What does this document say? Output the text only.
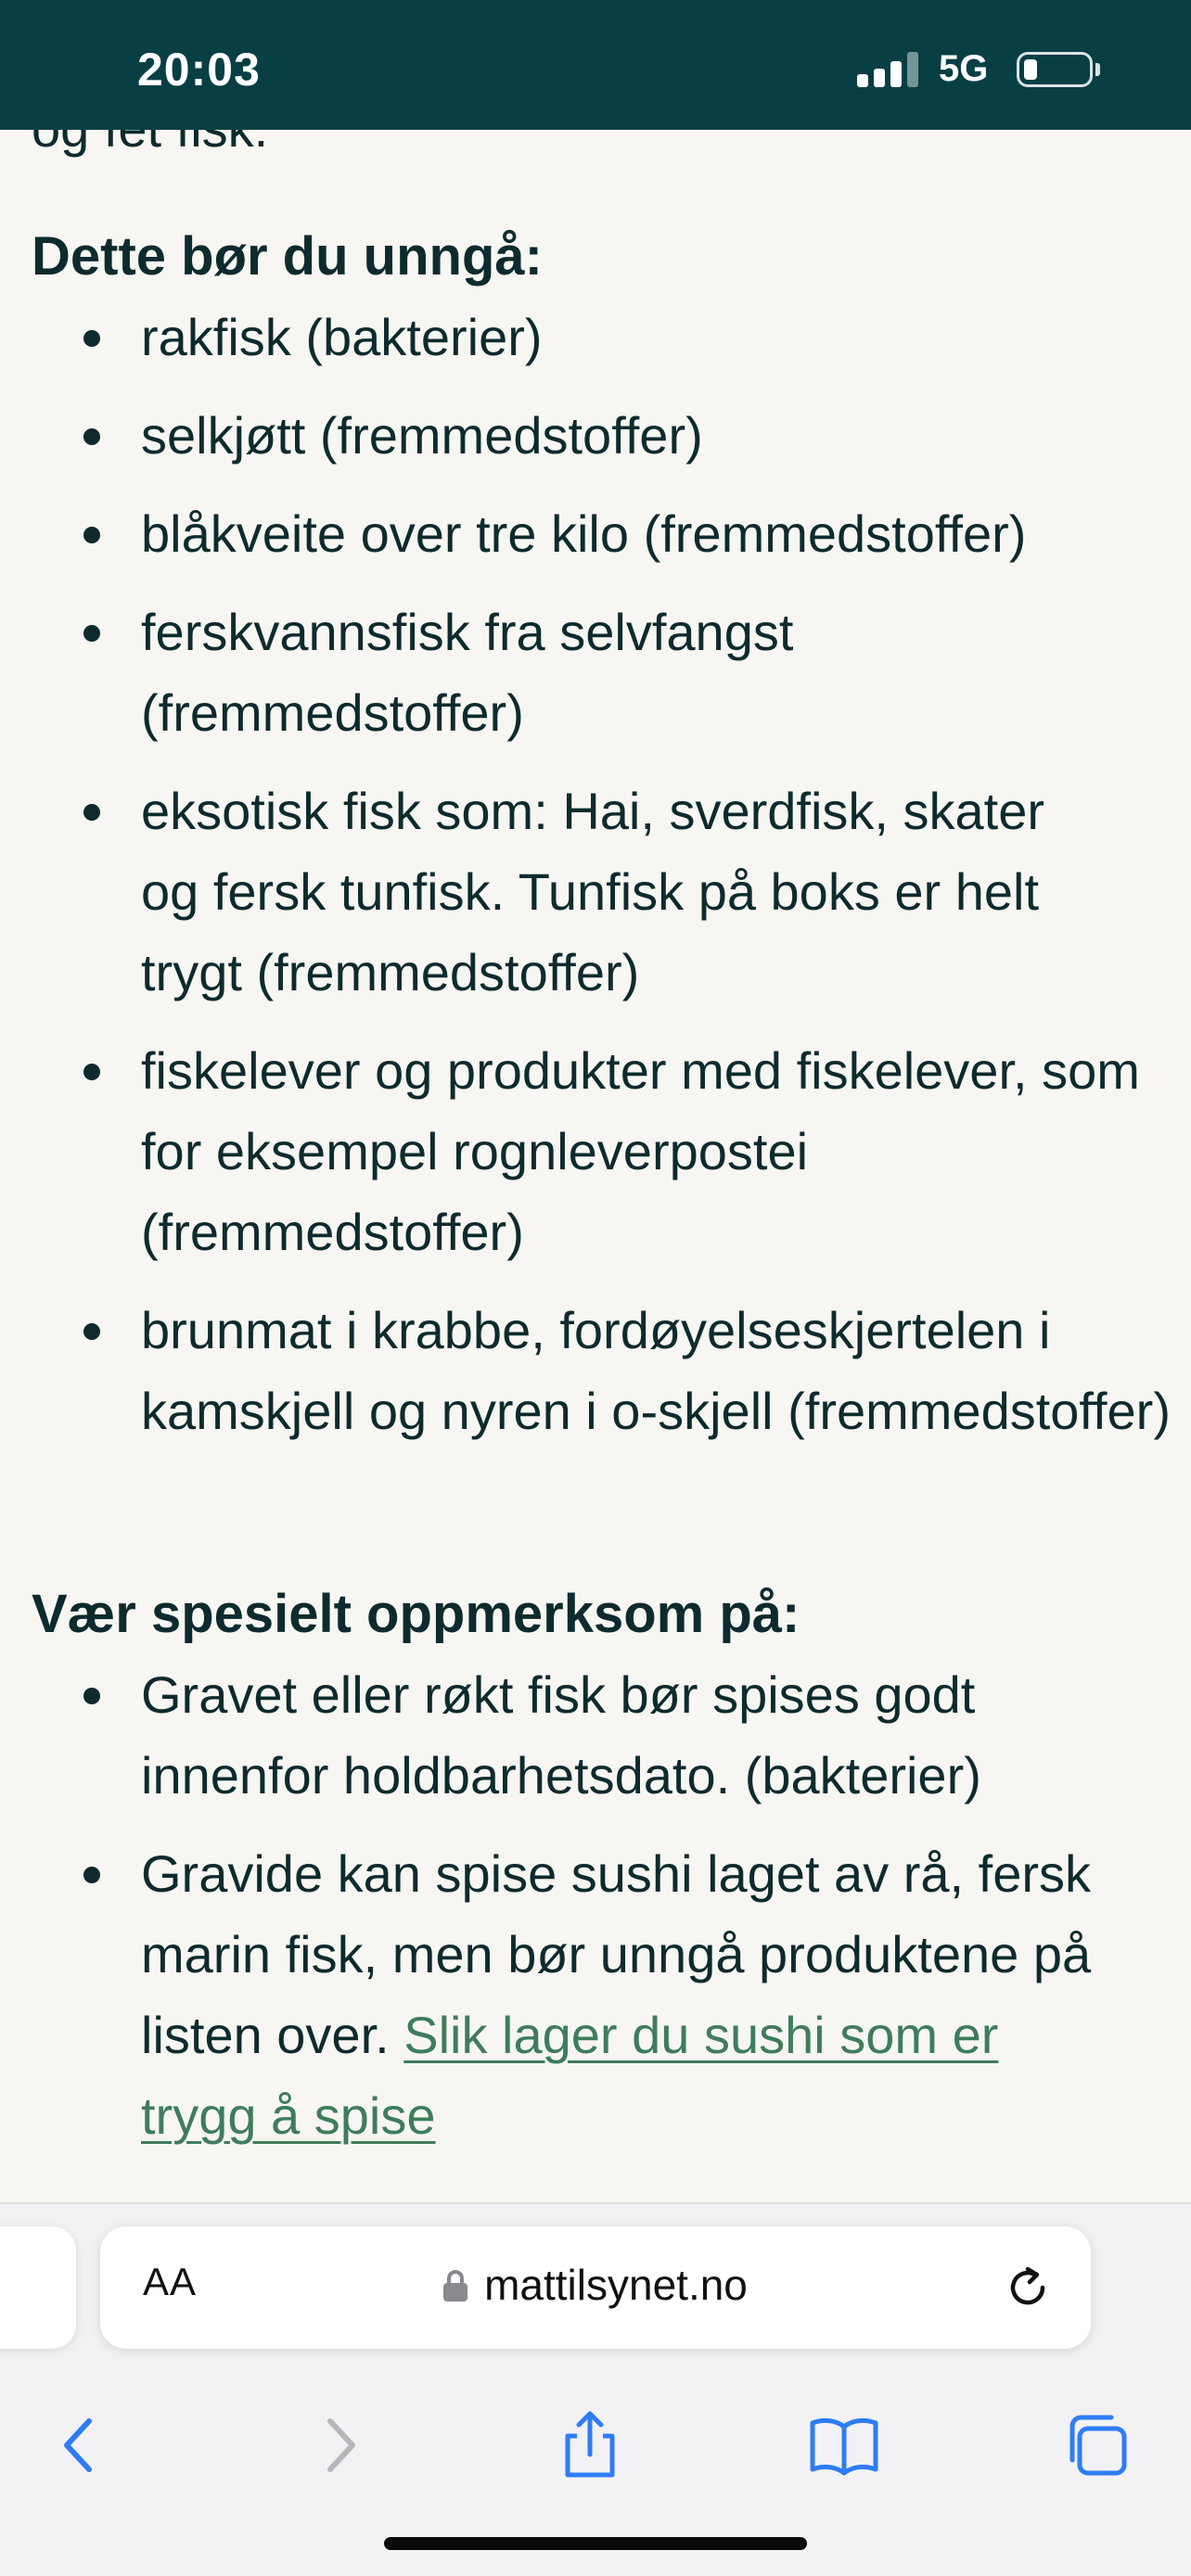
Dette bør du unngå:
rakfisk (bakterier)
selkjøtt (fremmedstoffer)
blåkveite over tre kilo (fremmedstoffer)
ferskvannsfisk fra selvfangst (fremmedstoffer)
eksotisk fisk som: Hai, sverdfisk, skater og fersk tunfisk. Tunfisk på boks er helt trygt (fremmedstoffer)
fiskelever og produkter med fiskelever, som for eksempel rognleverpostei (fremmedstoffer)
brunmat i krabbe, fordøyelseskjertelen i kamskjell og nyren i o-skjell (fremmedstoffer)
Vær spesielt oppmerksom på:
Gravet eller røkt fisk bør spises godt innenfor holdbarhetsdato. (bakterier)
Gravide kan spise sushi laget av rå, fersk marin fisk, men bør unngå produktene på listen over. Slik lager du sushi som er trygg å spise
20:03	5G
AA	mattilsynet.no
